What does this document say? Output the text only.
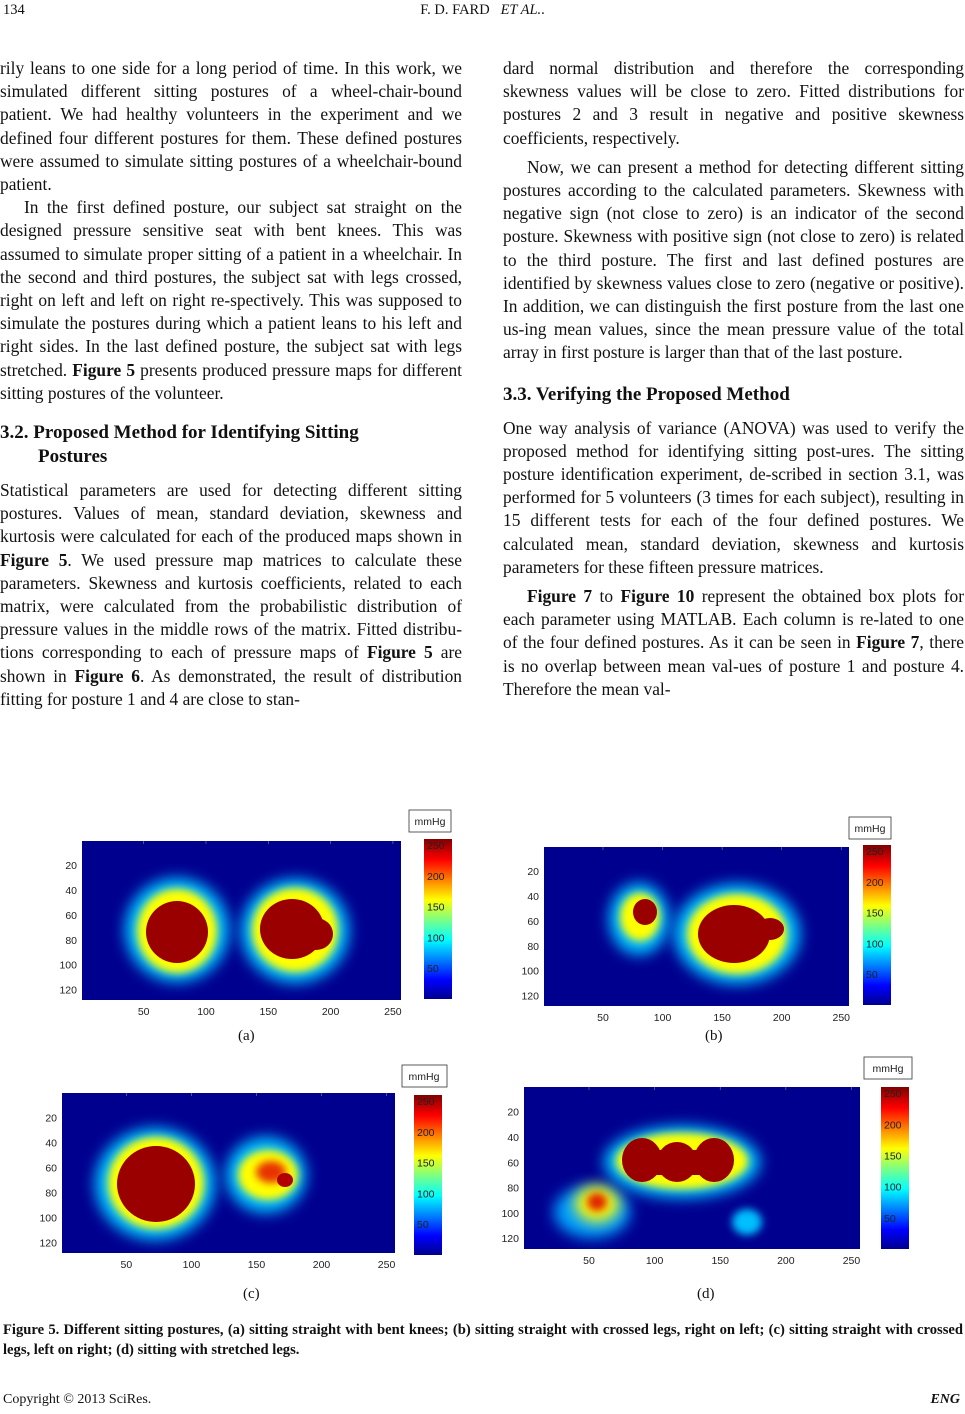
134	F. D. FARD ET AL..

rily leans to one side for a long period of time. In this work, we simulated different sitting postures of a wheel-chair-bound patient. We had healthy volunteers in the experiment and we defined four different postures for them. These defined postures were assumed to simulate sitting postures of a wheelchair-bound patient.

In the first defined posture, our subject sat straight on the designed pressure sensitive seat with bent knees. This was assumed to simulate proper sitting of a patient in a wheelchair. In the second and third postures, the subject sat with legs crossed, right on left and left on right re-spectively. This was supposed to simulate the postures during which a patient leans to his left and right sides. In the last defined posture, the subject sat with legs stretched. Figure 5 presents produced pressure maps for different sitting postures of the volunteer.

3.2. Proposed Method for Identifying Sitting
Postures

Statistical parameters are used for detecting different sitting postures. Values of mean, standard deviation, skewness and kurtosis were calculated for each of the produced maps shown in Figure 5. We used pressure map matrices to calculate these parameters. Skewness and kurtosis coefficients, related to each matrix, were calculated from the probabilistic distribution of pressure values in the middle rows of the matrix. Fitted distribu-tions corresponding to each of pressure maps of Figure 5 are shown in Figure 6. As demonstrated, the result of distribution fitting for posture 1 and 4 are close to stan-

dard normal distribution and therefore the corresponding skewness values will be close to zero. Fitted distributions for postures 2 and 3 result in negative and positive skewness coefficients, respectively.

Now, we can present a method for detecting different sitting postures according to the calculated parameters. Skewness with negative sign (not close to zero) is an indicator of the second posture. Skewness with positive sign (not close to zero) is related to the third posture. The first and last defined postures are identified by skewness values close to zero (negative or positive). In addition, we can distinguish the first posture from the last one us-ing mean values, since the mean pressure value of the total array in first posture is larger than that of the last posture.

3.3. Verifying the Proposed Method

One way analysis of variance (ANOVA) was used to verify the proposed method for identifying sitting post-ures. The sitting posture identification experiment, de-scribed in section 3.1, was performed for 5 volunteers (3 times for each subject), resulting in 15 different tests for each of the four defined postures. We calculated mean, standard deviation, skewness and kurtosis parameters for these fifteen pressure matrices.

Figure 7 to Figure 10 represent the obtained box plots for each parameter using MATLAB. Each column is re-lated to one of the four defined postures. As it can be seen in Figure 7, there is no overlap between mean val-ues of posture 1 and posture 4. Therefore the mean val-

20
40
60
80
100
120
50	100	150	200	250
250
200
150
100
50
mmHg
(a)
20
40
60
80
100
120
50	100	150	200	250
250
200
150
100
50
mmHg
(b)
20
40
60
80
100
120
50	100	150	200	250
250
200
150
100
50
mmHg
(c)
20
40
60
80
100
120
50	100	150	200	250
250
200
150
100
50
mmHg
(d)
Figure 5. Different sitting postures, (a) sitting straight with bent knees; (b) sitting straight with crossed legs, right on left; (c) sitting straight with crossed legs, left on right; (d) sitting with stretched legs.
Copyright © 2013 SciRes.	ENG
